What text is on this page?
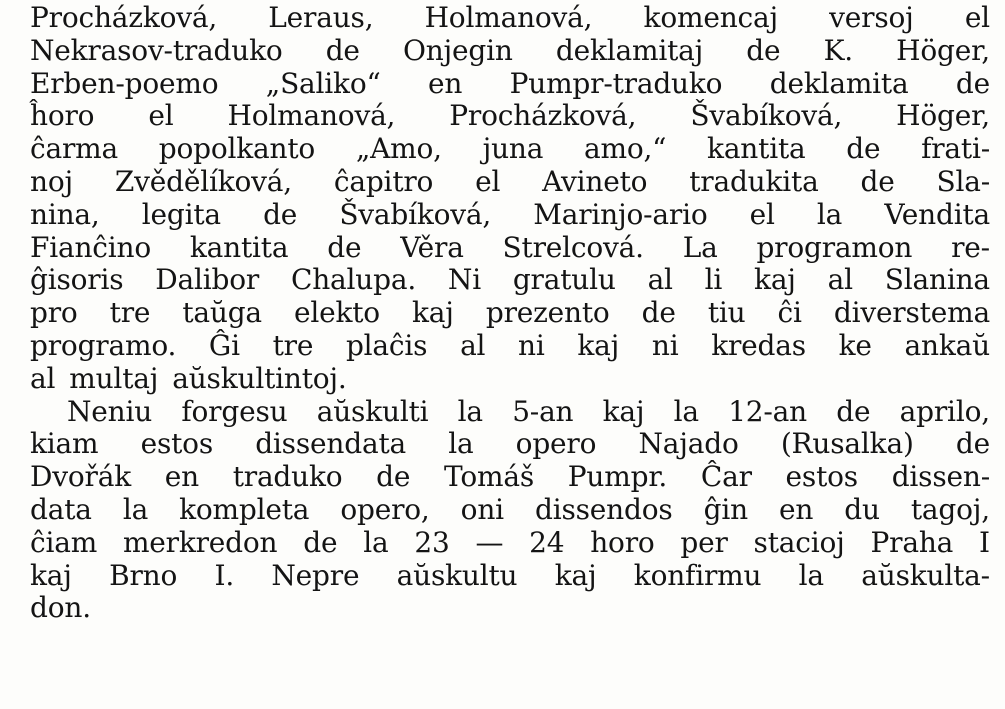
Procházková, Leraus, Holmanová, komencaj versoj el
Nekrasov-traduko de Onjegin deklamitaj de K. Höger,
Erben-poemo „Saliko“ en Pumpr-traduko deklamita de
ĥoro el Holmanová, Procházková, Švabíková, Höger,
ĉarma popolkanto „Amo, juna amo,“ kantita de frati-
noj Zvědělíková, ĉapitro el Avineto tradukita de Sla-
nina, legita de Švabíková, Marinjo-ario el la Vendita
Fianĉino kantita de Věra Strelcová. La programon re-
ĝisoris Dalibor Chalupa. Ni gratulu al li kaj al Slanina
pro tre taŭga elekto kaj prezento de tiu ĉi diverstema
programo. Ĝi tre plaĉis al ni kaj ni kredas ke ankaŭ
al multaj aŭskultintoj.
Neniu forgesu aŭskulti la 5-an kaj la 12-an de aprilo,
kiam estos dissendata la opero Najado (Rusalka) de
Dvořák en traduko de Tomáš Pumpr. Ĉar estos dissen-
data la kompleta opero, oni dissendos ĝin en du tagoj,
ĉiam merkredon de la 23 — 24 horo per stacioj Praha I
kaj Brno I. Nepre aŭskultu kaj konfirmu la aŭskulta-
don.
